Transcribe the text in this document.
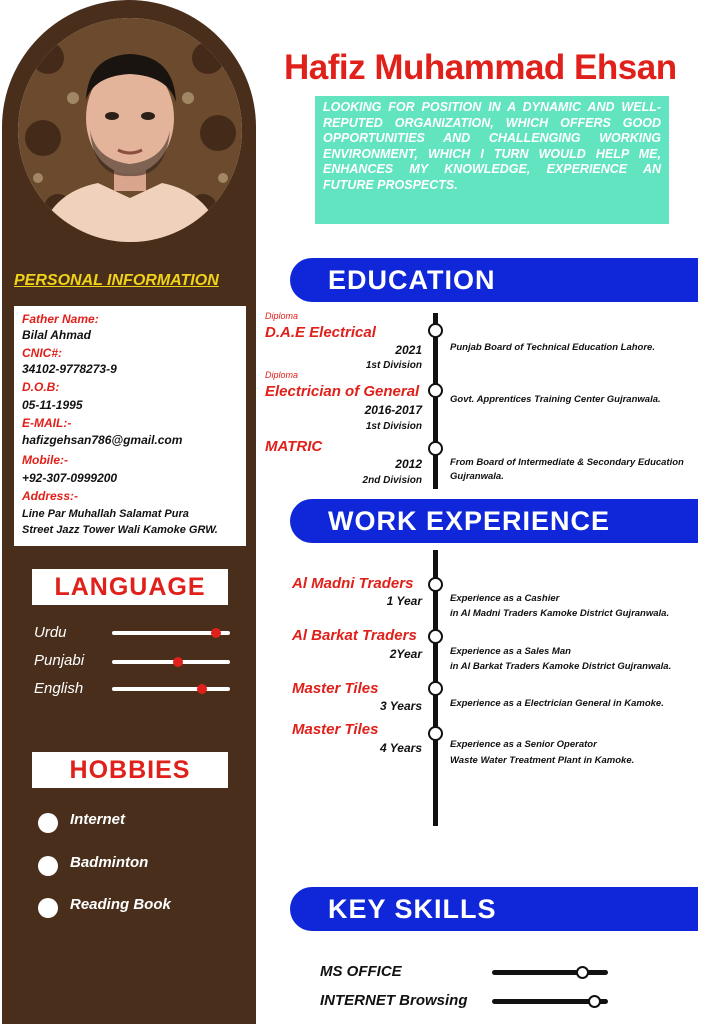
PERSONAL INFORMATION
Father Name:
Bilal Ahmad
CNIC#:
34102-9778273-9
D.O.B:
05-11-1995
E-MAIL:-
hafizgehsan786@gmail.com
Mobile:-
+92-307-0999200
Address:-
Line Par Muhallah Salamat Pura
Street Jazz Tower Wali Kamoke GRW.
LANGUAGE
Urdu
Punjabi
English
HOBBIES
Internet
Badminton
Reading Book
Hafiz Muhammad Ehsan
LOOKING FOR POSITION IN A DYNAMIC AND WELL-REPUTED ORGANIZATION, WHICH OFFERS GOOD OPPORTUNITIES AND CHALLENGING WORKING ENVIRONMENT, WHICH I TURN WOULD HELP ME, ENHANCES MY KNOWLEDGE, EXPERIENCE AN FUTURE PROSPECTS.
EDUCATION
Diploma
D.A.E Electrical
2021
1st Division
Punjab Board of Technical Education Lahore.
Diploma
Electrician of General
2016-2017
1st Division
Govt. Apprentices Training Center Gujranwala.
MATRIC
2012
2nd Division
From Board of Intermediate & Secondary Education
Gujranwala.
WORK EXPERIENCE
Al Madni Traders
1 Year	Experience as a Cashier
in Al Madni Traders Kamoke District Gujranwala.
Al Barkat Traders
2Year	Experience as a Sales Man
in Al Barkat Traders Kamoke District Gujranwala.
Master Tiles
3 Years	Experience as a Electrician General in Kamoke.
Master Tiles
4 Years	Experience as a Senior Operator
Waste Water Treatment Plant in Kamoke.
KEY SKILLS
MS OFFICE
INTERNET Browsing
